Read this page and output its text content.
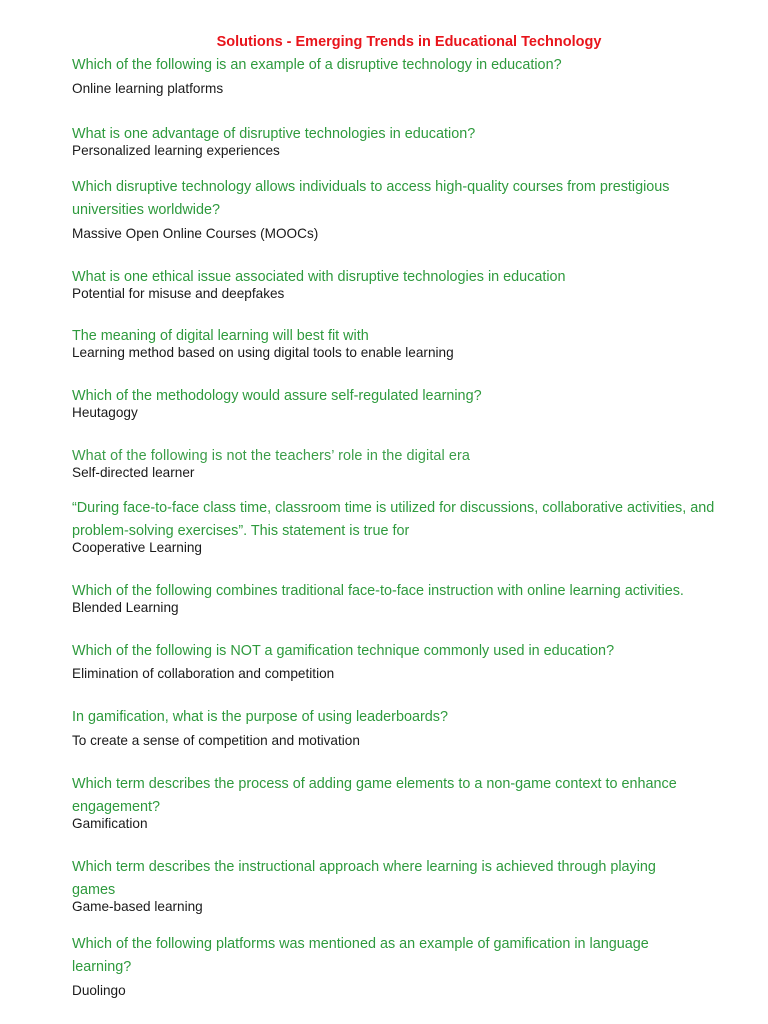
Solutions - Emerging Trends in Educational Technology
Which of the following is an example of a disruptive technology in education?
Online learning platforms
What is one advantage of disruptive technologies in education?
Personalized learning experiences
Which disruptive technology allows individuals to access high-quality courses from prestigious universities worldwide?
Massive Open Online Courses (MOOCs)
What is one ethical issue associated with disruptive technologies in education
Potential for misuse and deepfakes
The meaning of digital learning will best fit with
Learning method based on using digital tools to enable learning
Which of the methodology would assure self-regulated learning?
Heutagogy
What of the following is not the teachers’ role in the digital era
Self-directed learner
“During face-to-face class time, classroom time is utilized for discussions, collaborative activities, and problem-solving exercises”. This statement is true for
Cooperative Learning
Which of the following combines traditional face-to-face instruction with online learning activities.
Blended Learning
Which of the following is NOT a gamification technique commonly used in education?
Elimination of collaboration and competition
In gamification, what is the purpose of using leaderboards?
To create a sense of competition and motivation
Which term describes the process of adding game elements to a non-game context to enhance engagement?
Gamification
Which term describes the instructional approach where learning is achieved through playing games
Game-based learning
Which of the following platforms was mentioned as an example of gamification in language learning?
Duolingo
